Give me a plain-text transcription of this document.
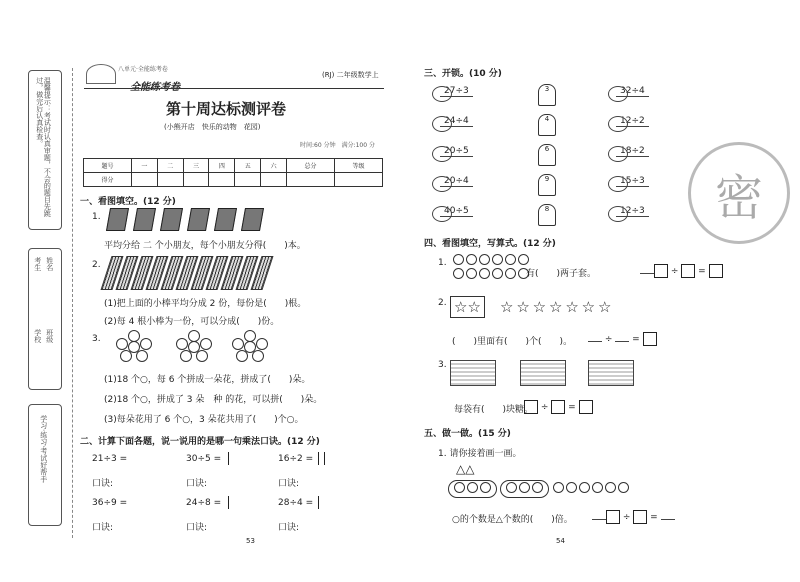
温馨提示：考试时认真审题，不会的题目先跳过，做完后认真检查。
考生 姓名
学校 班级
学习·练习·考试好帮手
八单元·全能练考卷
全能练考卷
(RJ) 二年级数学上
第十周达标测评卷
(小熊开店　快乐的动物　花园)
时间:60 分钟　满分:100 分
题号	一	二	三	四	五	六	总分	等级
得分								
一、看图填空。(12 分)
1.
平均分给 二 个小朋友，每个小朋友分得(　　)本。
2.
(1)把上面的小棒平均分成 2 份，每份是(　　)根。
(2)每 4 根小棒为一份，可以分成(　　)份。
3.
(1)18 个○，每 6 个拼成一朵花，拼成了(　　)朵。
(2)18 个○，拼成了 3 朵　种 的花，可以拼(　　)朵。
(3)每朵花用了 6 个○，3 朵花共用了(　　)个○。
二、计算下面各题，说一说用的是哪一句乘法口诀。(12 分)
21÷3 =	30÷5 =	16÷2 =
口诀:	口诀:	口诀:
36÷9 =	24÷8 =	28÷4 =
口诀:	口诀:	口诀:
53
三、开锁。(10 分)
27÷3
24÷4
20÷5
20÷4
40÷5
3
4
6
9
8
32÷4
12÷2
18÷2
15÷3
12÷3 密
四、看图填空，写算式。(12 分)
1.

有(　　)两子套。	÷  =
2. ☆☆ ☆ ☆ ☆ ☆ ☆ ☆ ☆
(　　)里面有(　　)个(　　)。	÷  =
3.
每袋有(　　)块糖。 ÷  =
五、做一做。(15 分)
1. 请你接着画一画。
△△
○的个数是△个数的(　　)倍。	÷  =
54
